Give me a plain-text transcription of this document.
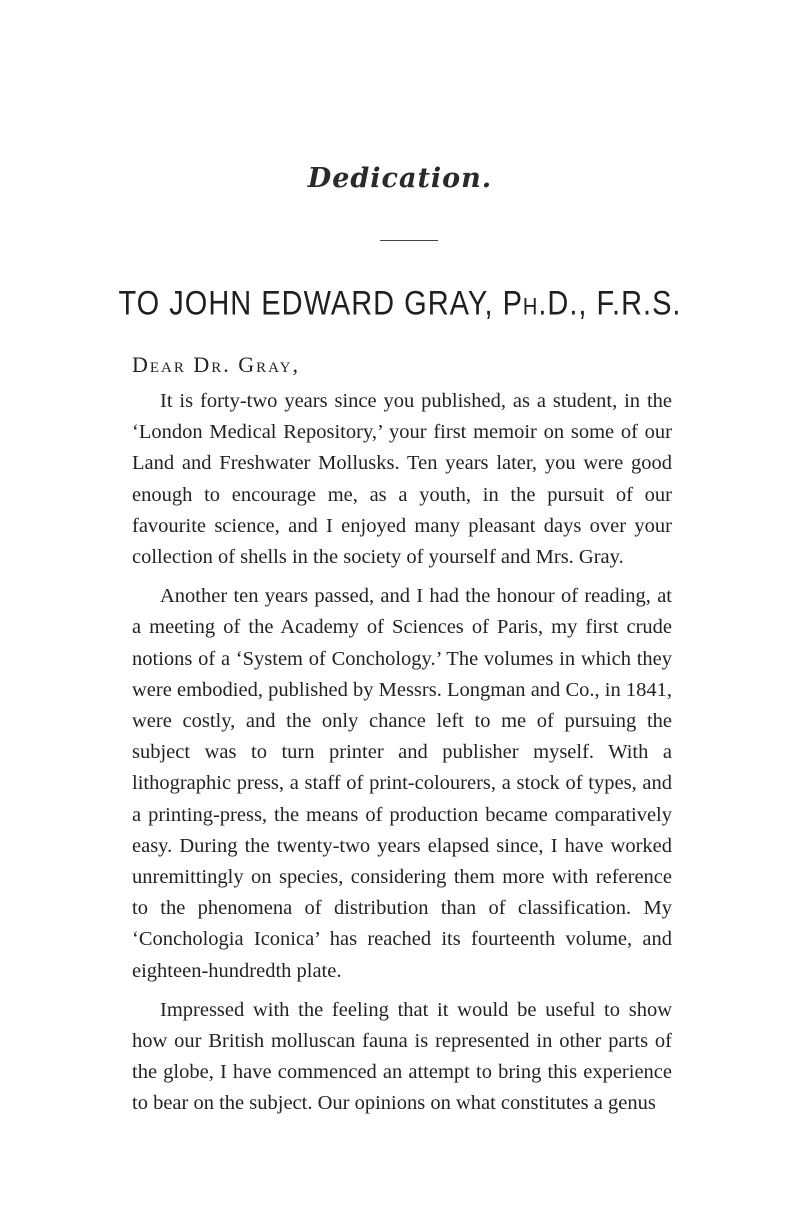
Dedication.
TO JOHN EDWARD GRAY, Ph.D., F.R.S.
Dear Dr. Gray,

It is forty-two years since you published, as a student, in the ‘London Medical Repository,’ your first memoir on some of our Land and Freshwater Mollusks. Ten years later, you were good enough to encourage me, as a youth, in the pursuit of our favourite science, and I enjoyed many pleasant days over your collection of shells in the society of yourself and Mrs. Gray.

Another ten years passed, and I had the honour of reading, at a meeting of the Academy of Sciences of Paris, my first crude notions of a ‘System of Conchology.’ The volumes in which they were embodied, published by Messrs. Longman and Co., in 1841, were costly, and the only chance left to me of pursuing the subject was to turn printer and publisher myself. With a lithographic press, a staff of print-colourers, a stock of types, and a printing-press, the means of production became comparatively easy. During the twenty-two years elapsed since, I have worked unremittingly on species, considering them more with reference to the phenomena of distribution than of classification. My ‘Conchologia Iconica’ has reached its fourteenth volume, and eighteen-hundredth plate.

Impressed with the feeling that it would be useful to show how our British molluscan fauna is represented in other parts of the globe, I have commenced an attempt to bring this experience to bear on the subject. Our opinions on what constitutes a genus
